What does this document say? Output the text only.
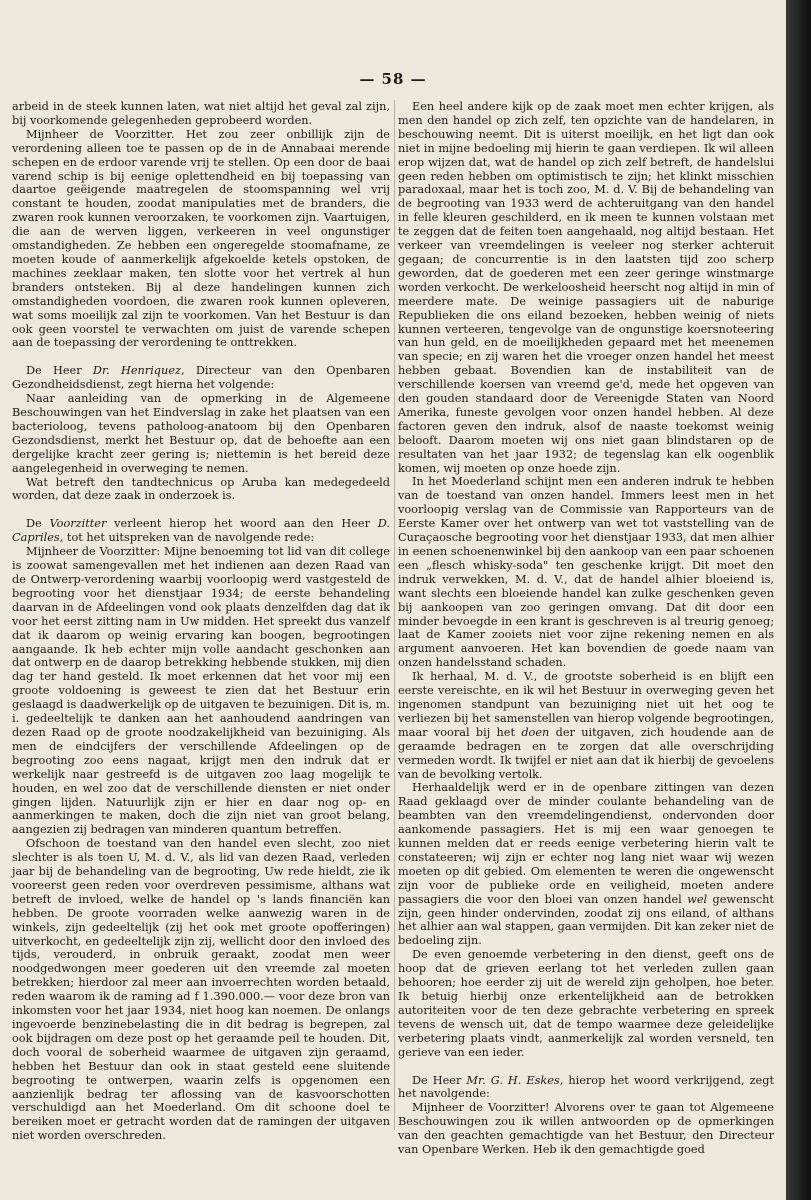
— 58 —

arbeid in de steek kunnen laten, wat niet altijd het geval zal zijn, bij voorkomende gelegenheden geprobeerd worden.

Mijnheer de Voorzitter. Het zou zeer onbillijk zijn de verordening alleen toe te passen op de in de Annabaai merende schepen en de erdoor varende vrij te stellen. Op een door de baai varend schip is bij eenige oplettendheid en bij toepassing van daartoe geëigende maatregelen de stoomspanning wel vrij constant te houden, zoodat manipulaties met de branders, die zwaren rook kunnen veroorzaken, te voorkomen zijn. Vaartuigen, die aan de werven liggen, verkeeren in veel ongunstiger omstandigheden. Ze hebben een ongeregelde stoomafname, ze moeten koude of aanmerkelijk afgekoelde ketels opstoken, de machines zeeklaar maken, ten slotte voor het vertrek al hun branders ontsteken. Bij al deze handelingen kunnen zich omstandigheden voordoen, die zwaren rook kunnen opleveren, wat soms moeilijk zal zijn te voorkomen. Van het Bestuur is dan ook geen voorstel te verwachten om juist de varende schepen aan de toepassing der verordening te onttrekken.

De Heer Dr. Henriquez, Directeur van den Openbaren Gezondheidsdienst, zegt hierna het volgende:

Naar aanleiding van de opmerking in de Algemeene Beschouwingen van het Eindverslag in zake het plaatsen van een bacterioloog, tevens patholoog-anatoom bij den Openbaren Gezondsdienst, merkt het Bestuur op, dat de behoefte aan een dergelijke kracht zeer gering is; niettemin is het bereid deze aangelegenheid in overweging te nemen.

Wat betreft den tandtechnicus op Aruba kan medegedeeld worden, dat deze zaak in onderzoek is.

De Voorzitter verleent hierop het woord aan den Heer D. Capriles, tot het uitspreken van de navolgende rede:

Mijnheer de Voorzitter: Mijne benoeming tot lid van dit college is zoowat samengevallen met het indienen aan dezen Raad van de Ontwerp-verordening waarbij voorloopig werd vastgesteld de begrooting voor het dienstjaar 1934; de eerste behandeling daarvan in de Afdeelingen vond ook plaats denzelfden dag dat ik voor het eerst zitting nam in Uw midden. Het spreekt dus vanzelf dat ik daarom op weinig ervaring kan boogen, begrootingen aangaande. Ik heb echter mijn volle aandacht geschonken aan dat ontwerp en de daarop betrekking hebbende stukken, mij dien dag ter hand gesteld. Ik moet erkennen dat het voor mij een groote voldoening is geweest te zien dat het Bestuur erin geslaagd is daadwerkelijk op de uitgaven te bezuinigen. Dit is, m. i. gedeeltelijk te danken aan het aanhoudend aandringen van dezen Raad op de groote noodzakelijkheid van bezuiniging. Als men de eindcijfers der verschillende Afdeelingen op de begrooting zoo eens nagaat, krijgt men den indruk dat er werkelijk naar gestreefd is de uitgaven zoo laag mogelijk te houden, en wel zoo dat de verschillende diensten er niet onder gingen lijden. Natuurlijk zijn er hier en daar nog op- en aanmerkingen te maken, doch die zijn niet van groot belang, aangezien zij bedragen van minderen quantum betreffen.

Ofschoon de toestand van den handel even slecht, zoo niet slechter is als toen U, M. d. V., als lid van dezen Raad, verleden jaar bij de behandeling van de begrooting, Uw rede hieldt, zie ik vooreerst geen reden voor overdreven pessimisme, althans wat betreft de invloed, welke de handel op 's lands financiën kan hebben. De groote voorraden welke aanwezig waren in de winkels, zijn gedeeltelijk (zij het ook met groote opofferingen) uitverkocht, en gedeeltelijk zijn zij, wellicht door den invloed des tijds, verouderd, in onbruik geraakt, zoodat men weer noodgedwongen meer goederen uit den vreemde zal moeten betrekken; hierdoor zal meer aan invoerrechten worden betaald, reden waarom ik de raming ad f 1.390.000.— voor deze bron van inkomsten voor het jaar 1934, niet hoog kan noemen. De onlangs ingevoerde benzinebelasting die in dit bedrag is begrepen, zal ook bijdragen om deze post op het geraamde peil te houden. Dit, doch vooral de soberheid waarmee de uitgaven zijn geraamd, hebben het Bestuur dan ook in staat gesteld eene sluitende begrooting te ontwerpen, waarin zelfs is opgenomen een aanzienlijk bedrag ter aflossing van de kasvoorschotten verschuldigd aan het Moederland. Om dit schoone doel te bereiken moet er getracht worden dat de ramingen der uitgaven niet worden overschreden.

Een heel andere kijk op de zaak moet men echter krijgen, als men den handel op zich zelf, ten opzichte van de handelaren, in beschouwing neemt. Dit is uiterst moeilijk, en het ligt dan ook niet in mijne bedoeling mij hierin te gaan verdiepen. Ik wil alleen erop wijzen dat, wat de handel op zich zelf betreft, de handelslui geen reden hebben om optimistisch te zijn; het klinkt misschien paradoxaal, maar het is toch zoo, M. d. V. Bij de behandeling van de begrooting van 1933 werd de achteruitgang van den handel in felle kleuren geschilderd, en ik meen te kunnen volstaan met te zeggen dat de feiten toen aangehaald, nog altijd bestaan. Het verkeer van vreemdelingen is veeleer nog sterker achteruit gegaan; de concurrentie is in den laatsten tijd zoo scherp geworden, dat de goederen met een zeer geringe winstmarge worden verkocht. De werkeloosheid heerscht nog altijd in min of meerdere mate. De weinige passagiers uit de naburige Republieken die ons eiland bezoeken, hebben weinig of niets kunnen verteeren, tengevolge van de ongunstige koersnoteering van hun geld, en de moeilijkheden gepaard met het meenemen van specie; en zij waren het die vroeger onzen handel het meest hebben gebaat. Bovendien kan de instabiliteit van de verschillende koersen van vreemd ge'd, mede het opgeven van den gouden standaard door de Vereenigde Staten van Noord Amerika, funeste gevolgen voor onzen handel hebben. Al deze factoren geven den indruk, alsof de naaste toekomst weinig belooft. Daarom moeten wij ons niet gaan blindstaren op de resultaten van het jaar 1932; de tegenslag kan elk oogenblik komen, wij moeten op onze hoede zijn.

In het Moederland schijnt men een anderen indruk te hebben van de toestand van onzen handel. Immers leest men in het voorloopig verslag van de Commissie van Rapporteurs van de Eerste Kamer over het ontwerp van wet tot vaststelling van de Curaçaosche begrooting voor het dienstjaar 1933, dat men alhier in eenen schoenenwinkel bij den aankoop van een paar schoenen een „flesch whisky-soda" ten geschenke krijgt. Dit moet den indruk verwekken, M. d. V., dat de handel alhier bloeiend is, want slechts een bloeiende handel kan zulke geschenken geven bij aankoopen van zoo geringen omvang. Dat dit door een minder bevoegde in een krant is geschreven is al treurig genoeg; laat de Kamer zooiets niet voor zijne rekening nemen en als argument aanvoeren. Het kan bovendien de goede naam van onzen handelsstand schaden.

Ik herhaal, M. d. V., de grootste soberheid is en blijft een eerste vereischte, en ik wil het Bestuur in overweging geven het ingenomen standpunt van bezuiniging niet uit het oog te verliezen bij het samenstellen van hierop volgende begrootingen, maar vooral bij het doen der uitgaven, zich houdende aan de geraamde bedragen en te zorgen dat alle overschrijding vermeden wordt. Ik twijfel er niet aan dat ik hierbij de gevoelens van de bevolking vertolk.

Herhaaldelijk werd er in de openbare zittingen van dezen Raad geklaagd over de minder coulante behandeling van de beambten van den vreemdelingendienst, ondervonden door aankomende passagiers. Het is mij een waar genoegen te kunnen melden dat er reeds eenige verbetering hierin valt te constateeren; wij zijn er echter nog lang niet waar wij wezen moeten op dit gebied. Om elementen te weren die ongewenscht zijn voor de publieke orde en veiligheid, moeten andere passagiers die voor den bloei van onzen handel wel gewenscht zijn, geen hinder ondervinden, zoodat zij ons eiland, of althans het alhier aan wal stappen, gaan vermijden. Dit kan zeker niet de bedoeling zijn.

De even genoemde verbetering in den dienst, geeft ons de hoop dat de grieven eerlang tot het verleden zullen gaan behooren; hoe eerder zij uit de wereld zijn geholpen, hoe beter. Ik betuig hierbij onze erkentelijkheid aan de betrokken autoriteiten voor de ten deze gebrachte verbetering en spreek tevens de wensch uit, dat de tempo waarmee deze geleidelijke verbetering plaats vindt, aanmerkelijk zal worden versneld, ten gerieve van een ieder.

De Heer Mr. G. H. Eskes, hierop het woord verkrijgend, zegt het navolgende:

Mijnheer de Voorzitter! Alvorens over te gaan tot Algemeene Beschouwingen zou ik willen antwoorden op de opmerkingen van den geachten gemachtigde van het Bestuur, den Directeur van Openbare Werken. Heb ik den gemachtigde goed
